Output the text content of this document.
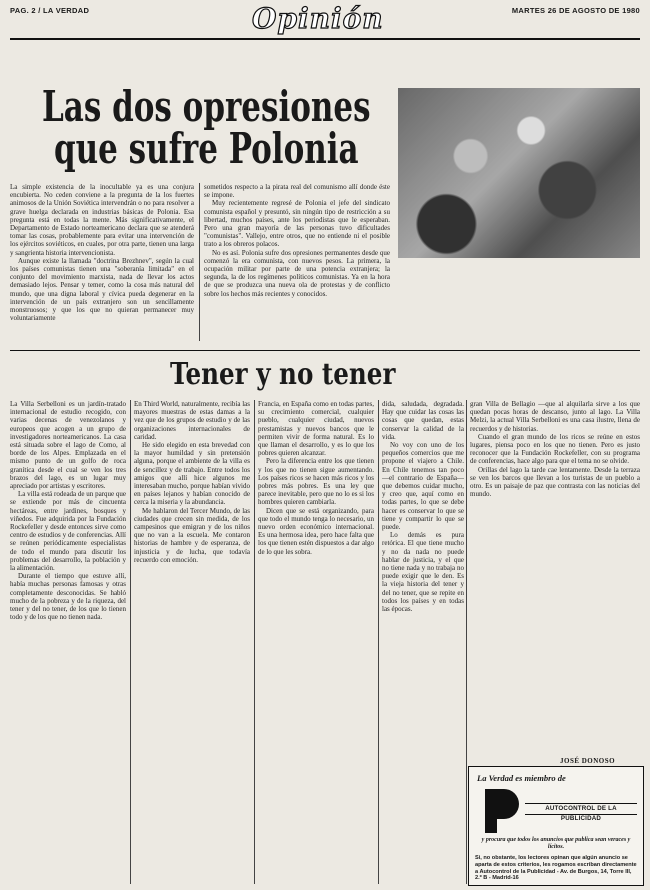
PAG. 2 / LA VERDAD	MARTES 26 DE AGOSTO DE 1980
Opinión
Las dos opresiones
que sufre Polonia

La simple existencia de la inocultable ya es una conjura encubierta. No ceden conviene a la pregunta de la los fuertes animosos de la Unión Soviética intervendrán o no para resolver a grave huelga declarada en industrias básicas de Polonia. Esa pregunta está en todas la mente. Más significativamente, el Departamento de Estado norteamericano declara que se atenderá tomar las cosas, probablemente para evitar una intervención de los ejércitos soviéticos, en cuales, por otra parte, tienen una larga y sangrienta historia intervencionista.

Aunque existe la llamada "doctrina Brezhnev", según la cual los países comunistas tienen una "soberanía limitada" en el conjunto del movimiento marxista, nada de llevar los actos demasiado lejos. Pensar y temer, como la cosa más natural del mundo, que una digna laboral y cívica pueda degenerar en la intervención de un país extranjero son un sencillamente monstruosos; y que los que no quieran permanecer muy voluntariamente

sometidos respecto a la pirata real del comunismo allí donde éste se impone.

Muy recientemente regresé de Polonia el jefe del sindicato comunista español y presuntó, sin ningún tipo de restricción a su libertad, muchos países, ante los periodistas que le esperaban. Pero una gran mayoría de las personas tuvo dificultades "comunistas". Vallejo, entre otros, que no entiende ni el posible trato a los obreros polacos.

No es así. Polonia sufre dos opresiones permanentes desde que comenzó la era comunista, con nuevos pesos. La primera, la ocupación militar por parte de una potencia extranjera; la segunda, la de los regímenes políticos comunistas. Ya en la hora de que se produzca una nueva ola de protestas y de conflicto sobre los hechos más recientes y conocidos.

Tener y no tener

La Villa Serbelloni es un jardín-tratado internacional de estudio recogido, con varias decenas de venezolanos y europeos que acogen a un grupo de investigadores norteamericanos. La casa está situada sobre el lago de Como, al borde de los Alpes. Emplazada en el mismo punto de un golfo de roca granítica desde el cual se ven los tres brazos del lago, es un lugar muy apreciado por artistas y escritores.

La villa está rodeada de un parque que se extiende por más de cincuenta hectáreas, entre jardines, bosques y viñedos. Fue adquirida por la Fundación Rockefeller y desde entonces sirve como centro de estudios y de conferencias. Allí se reúnen periódicamente especialistas de todo el mundo para discutir los problemas del desarrollo, la población y la alimentación.

Durante el tiempo que estuve allí, había muchas personas famosas y otras completamente desconocidas. Se habló mucho de la pobreza y de la riqueza, del tener y del no tener, de los que lo tienen todo y de los que no tienen nada.

En Third World, naturalmente, recibía las mayores muestras de estas damas a la vez que de los grupos de estudio y de las organizaciones internacionales de caridad.

He sido elegido en esta brevedad con la mayor humildad y sin pretensión alguna, porque el ambiente de la villa es de sencillez y de trabajo. Entre todos los amigos que allí hice algunos me interesaban mucho, porque habían vivido en países lejanos y habían conocido de cerca la miseria y la abundancia.

Me hablaron del Tercer Mundo, de las ciudades que crecen sin medida, de los campesinos que emigran y de los niños que no van a la escuela. Me contaron historias de hambre y de esperanza, de injusticia y de lucha, que todavía recuerdo con emoción.

Francia, en España como en todas partes, su crecimiento comercial, cualquier pueblo, cualquier ciudad, nuevos prestamistas y nuevos bancos que le permiten vivir de forma natural. Es lo que llaman el desarrollo, y es lo que los pobres quieren alcanzar.

Pero la diferencia entre los que tienen y los que no tienen sigue aumentando. Los países ricos se hacen más ricos y los pobres más pobres. Es una ley que parece inevitable, pero que no lo es si los hombres quieren cambiarla.

Dicen que se está organizando, para que todo el mundo tenga lo necesario, un nuevo orden económico internacional. Es una hermosa idea, pero hace falta que los que tienen estén dispuestos a dar algo de lo que les sobra.

dida, saludada, degradada. Hay que cuidar las cosas las cosas que quedan, estas conservar la calidad de la vida.

No voy con uno de los pequeños comercios que me propone el viajero a Chile. En Chile tenemos tan poco —el contrario de España— que debemos cuidar mucho, y creo que, aquí como en todas partes, lo que se debe hacer es conservar lo que se tiene y compartir lo que se puede.

Lo demás es pura retórica. El que tiene mucho y no da nada no puede hablar de justicia, y el que no tiene nada y no trabaja no puede exigir que le den. Es la vieja historia del tener y del no tener, que se repite en todos los países y en todas las épocas.

gran Villa de Bellagio —que al alquilarla sirve a los que quedan pocas horas de descanso, junto al lago. La Villa Melzi, la actual Villa Serbelloni es una casa ilustre, llena de recuerdos y de historias.

Cuando el gran mundo de los ricos se reúne en estos lugares, piensa poco en los que no tienen. Pero es justo reconocer que la Fundación Rockefeller, con su programa de conferencias, hace algo para que el tema no se olvide.

Orillas del lago la tarde cae lentamente. Desde la terraza se ven los barcos que llevan a los turistas de un pueblo a otro. Es un paisaje de paz que contrasta con las noticias del mundo.

JOSÉ DONOSO
La Verdad es miembro de
AUTOCONTROL DE LA PUBLICIDAD
y procura que todos los anuncios que publica sean veraces y lícitos.
Si, no obstante, los lectores opinan que algún anuncio se aparta de estos criterios, les rogamos escriban directamente a Autocontrol de la Publicidad - Av. de Burgos, 14, Torre III, 2.º B - Madrid-16
